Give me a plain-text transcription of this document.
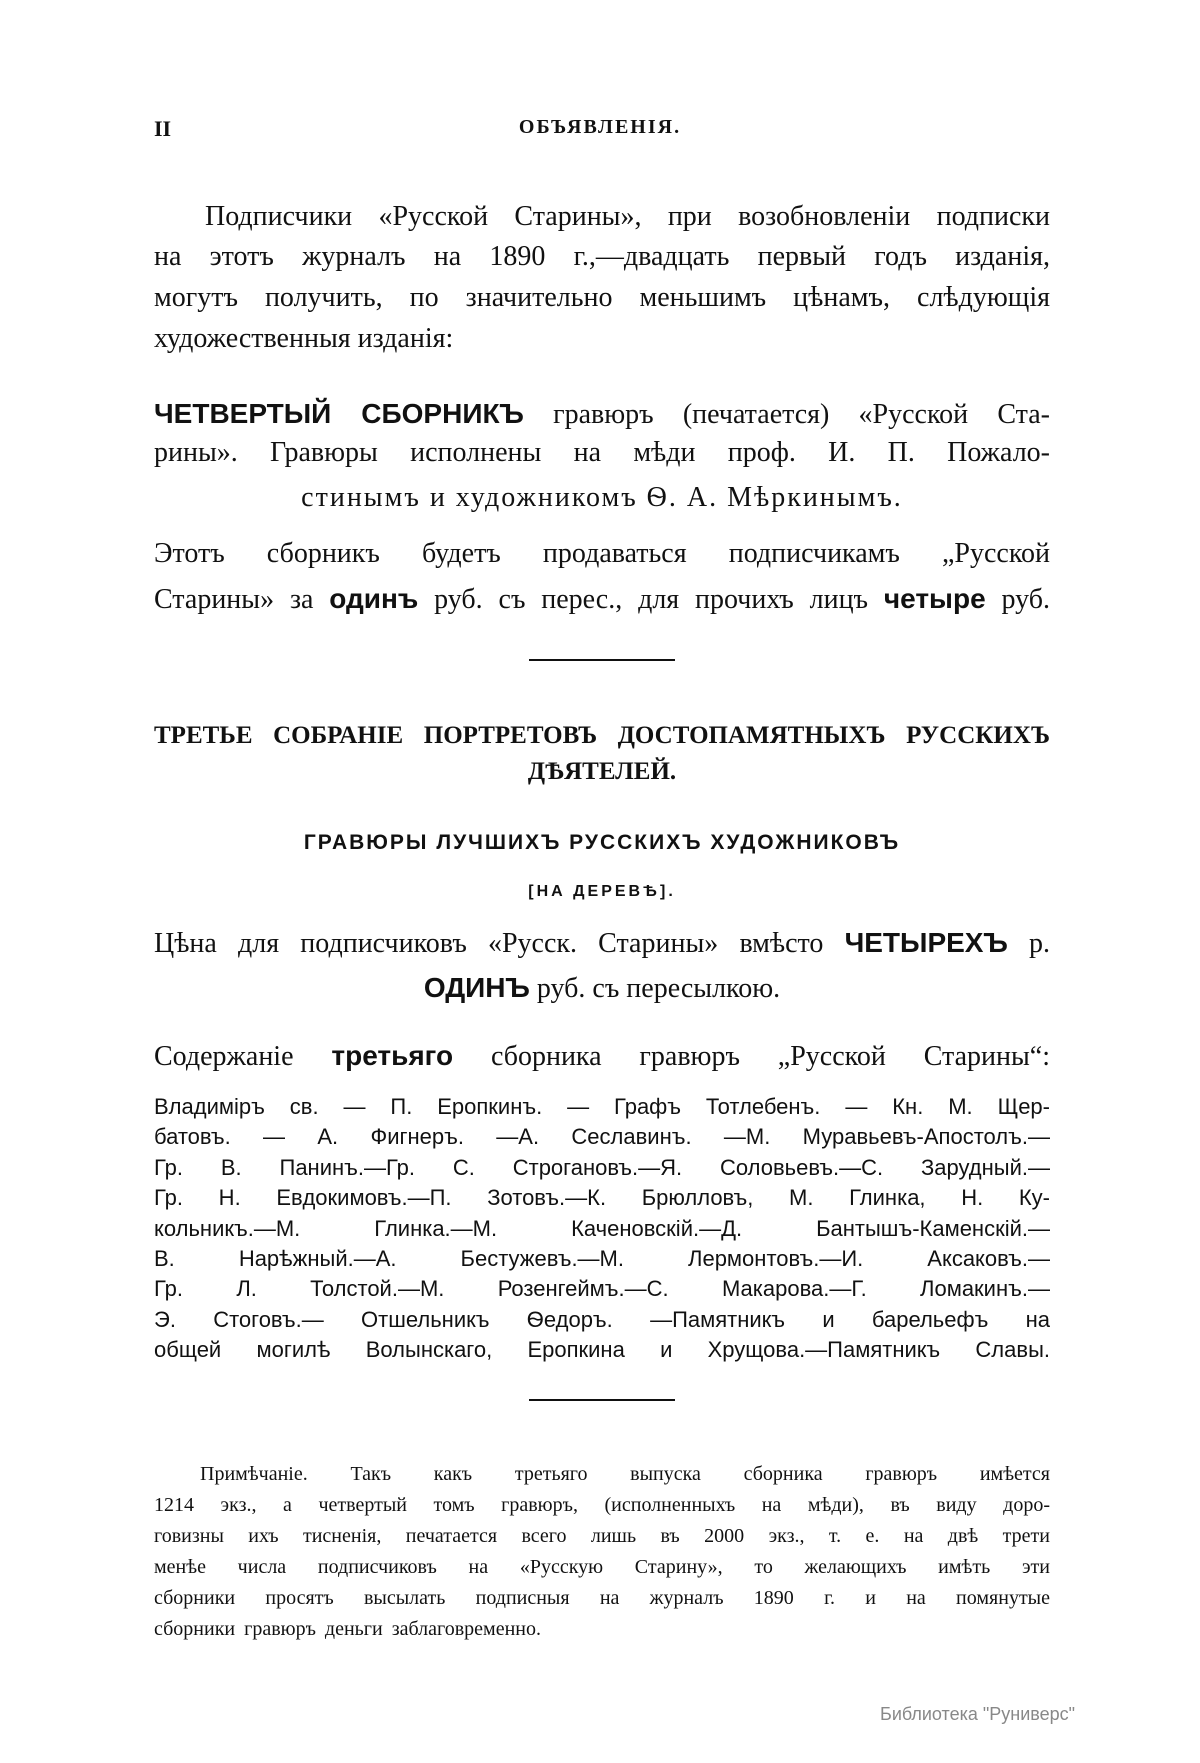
II	ОБЪЯВЛЕНІЯ.
Подписчики «Русской Старины», при возобновленіи подписки
на этотъ журналъ на 1890 г.,—двадцать первый годъ изданія,
могутъ получить, по значительно меньшимъ цѣнамъ, слѣдующія
художественныя изданія:
ЧЕТВЕРТЫЙ СБОРНИКЪ гравюръ (печатается) «Русской Ста-
рины». Гравюры исполнены на мѣди проф. И. П. Пожало-
стинымъ и художникомъ Ѳ. А. Мѣркинымъ.
Этотъ сборникъ будетъ продаваться подписчикамъ „Русской
Старины» за одинъ руб. съ перес., для прочихъ лицъ четыре руб.
ТРЕТЬЕ СОБРАНІЕ ПОРТРЕТОВЪ ДОСТОПАМЯТНЫХЪ РУССКИХЪ
ДѢЯТЕЛЕЙ.
ГРАВЮРЫ ЛУЧШИХЪ РУССКИХЪ ХУДОЖНИКОВЪ
[НА ДЕРЕВѢ].
Цѣна для подписчиковъ «Русск. Старины» вмѣсто ЧЕТЫРЕХЪ р.
ОДИНЪ руб. съ пересылкою.
Содержаніе третьяго сборника гравюръ „Русской Старины“:
Владимiръ св. — П. Еропкинъ. — Графъ Тотлебенъ. — Кн. М. Щер-
батовъ. — А. Фигнеръ. —А. Сеславинъ. —М. Муравьевъ-Апостолъ.—
Гр. В. Панинъ.—Гр. С. Строгановъ.—Я. Соловьевъ.—С. Зарудный.—
Гр. Н. Евдокимовъ.—П. Зотовъ.—К. Брюлловъ, М. Глинка, Н. Ку-
кольникъ.—М. Глинка.—М. Каченовскiй.—Д. Бантышъ-Каменскiй.—
В. Нарѣжный.—А. Бестужевъ.—М. Лермонтовъ.—И. Аксаковъ.—
Гр. Л. Толстой.—М. Розенгеймъ.—С. Макарова.—Г. Ломакинъ.—
Э. Стоговъ.— Отшельникъ Ѳедоръ. —Памятникъ и барельефъ на
общей могилѣ Волынскаго, Еропкина и Хрущова.—Памятникъ Славы.
Примѣчаніе. Такъ какъ третьяго выпуска сборника гравюръ имѣется
1214 экз., а четвертый томъ гравюръ, (исполненныхъ на мѣди), въ виду доро-
говизны ихъ тисненія, печатается всего лишь въ 2000 экз., т. е. на двѣ трети
менѣе числа подписчиковъ на «Русскую Старину», то желающихъ имѣть эти
сборники просятъ высылать подписныя на журналъ 1890 г. и на помянутые
сборники гравюръ деньги заблаговременно.
Библиотека "Руниверс"
